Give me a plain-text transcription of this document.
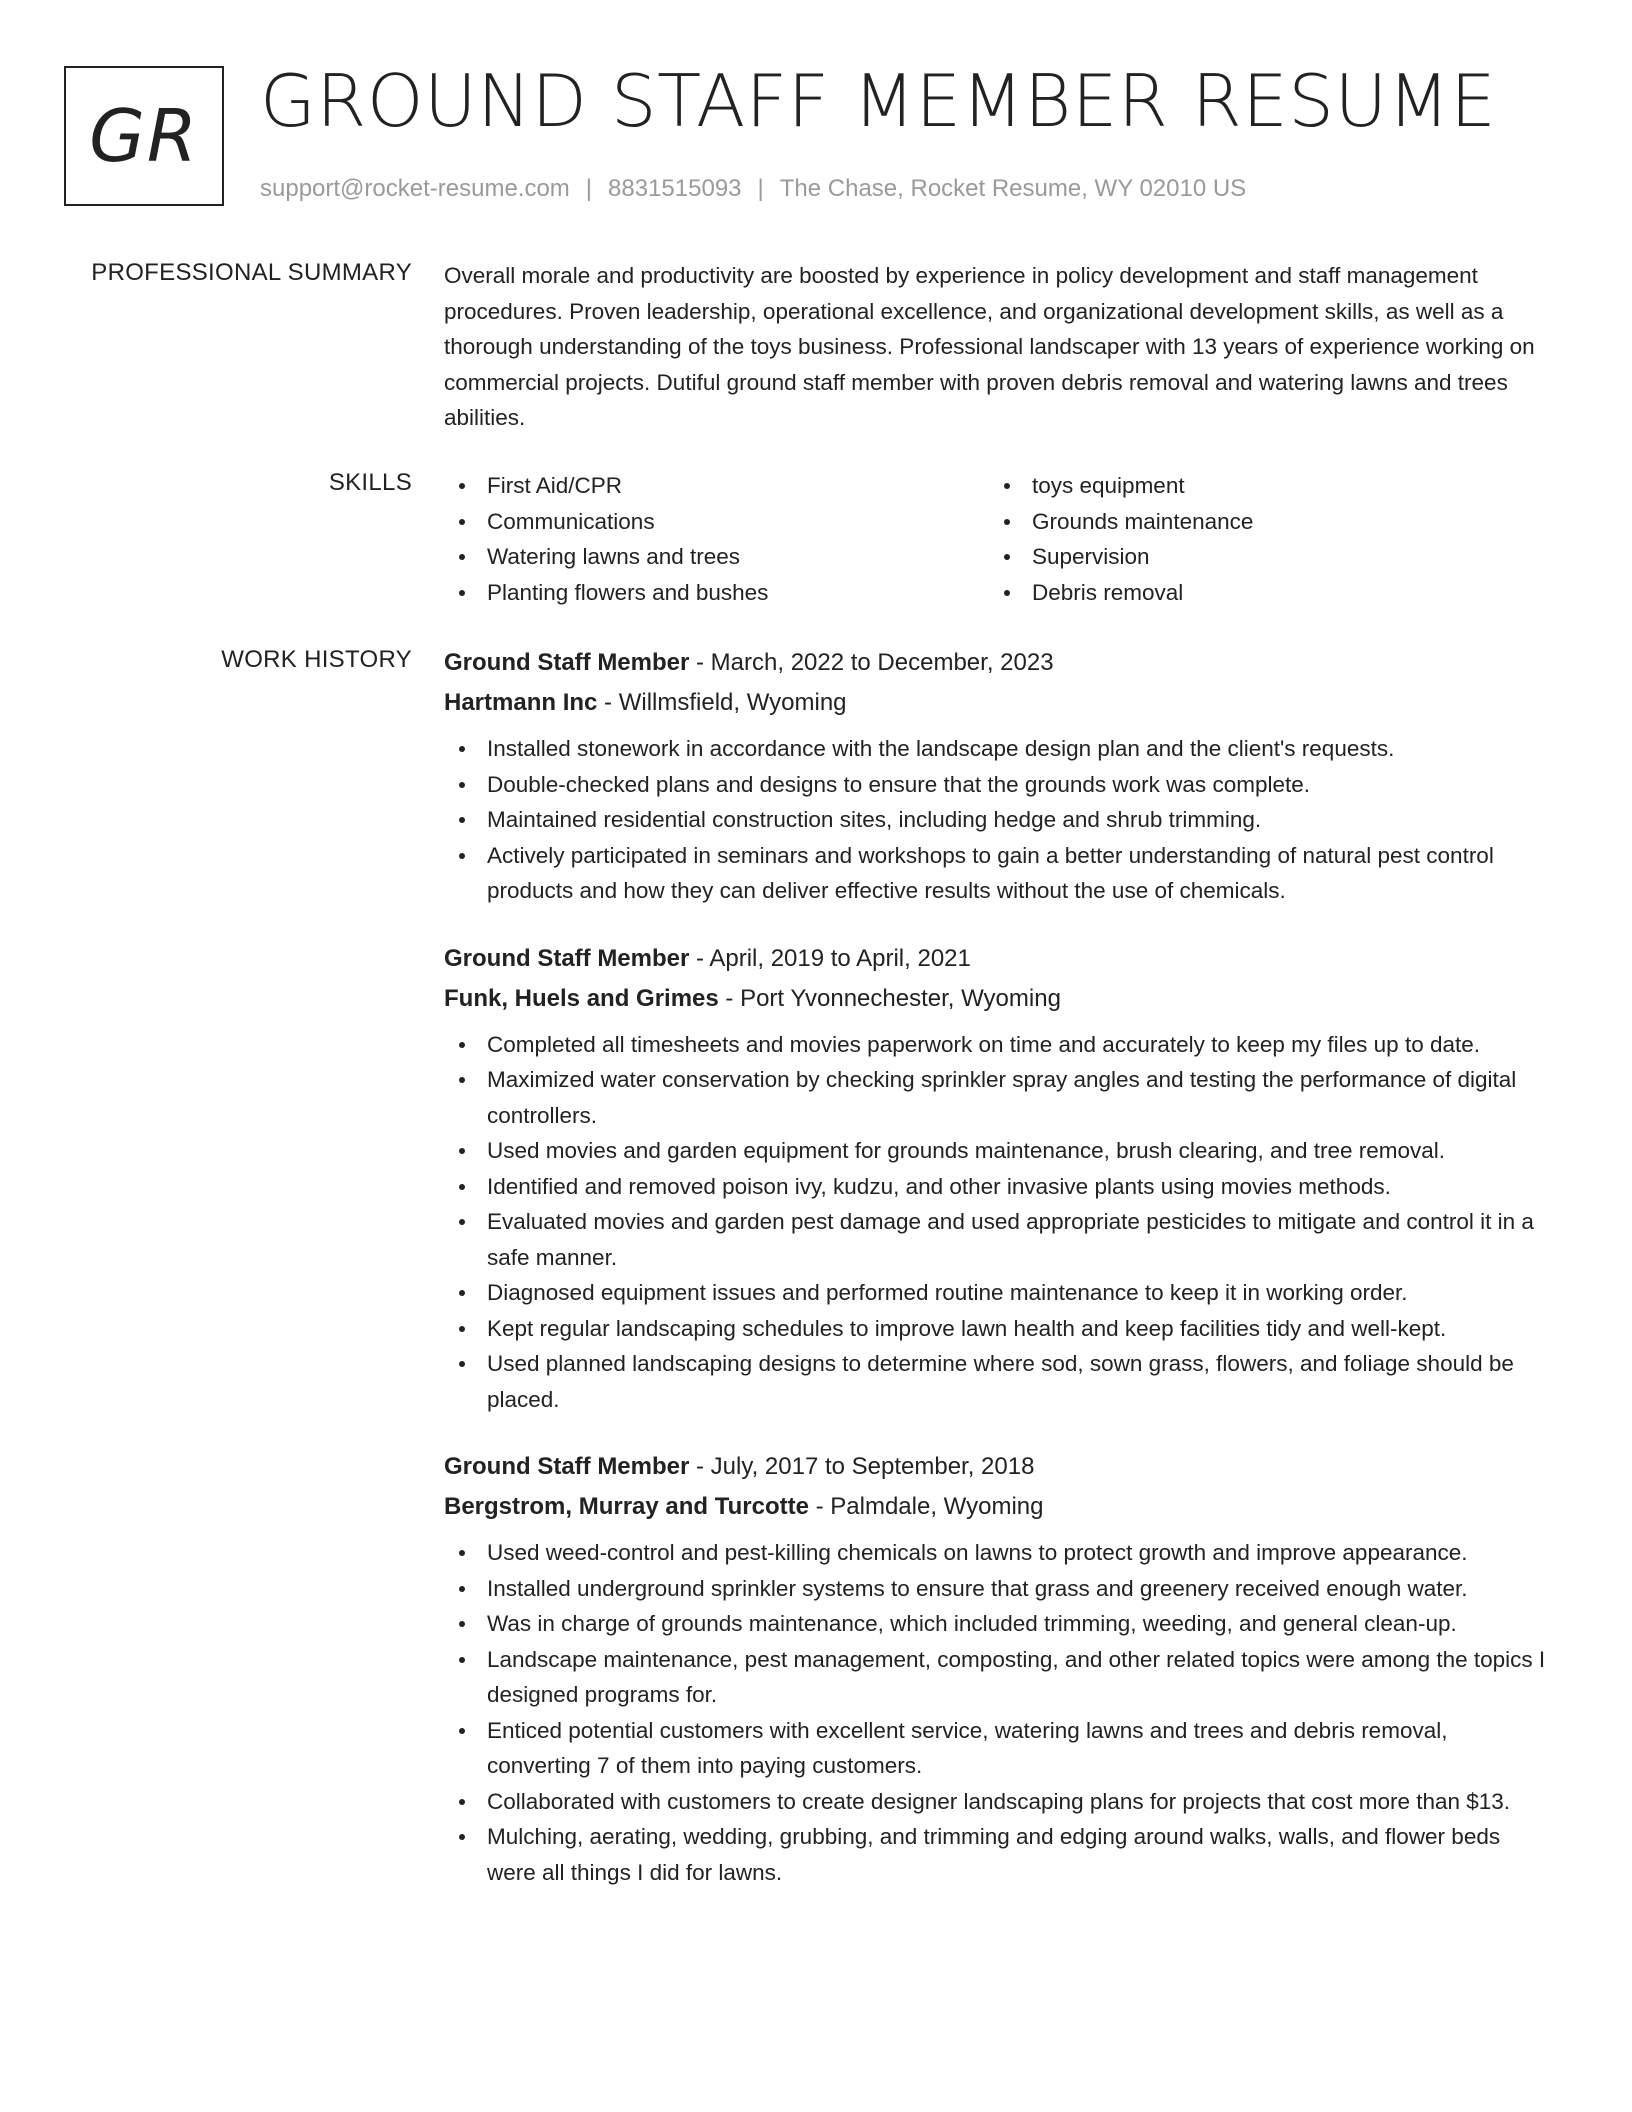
GR GROUND STAFF MEMBER RESUME
support@rocket-resume.com | 8831515093 | The Chase, Rocket Resume, WY 02010 US
PROFESSIONAL SUMMARY Overall morale and productivity are boosted by experience in policy development and staff management procedures. Proven leadership, operational excellence, and organizational development skills, as well as a thorough understanding of the toys business. Professional landscaper with 13 years of experience working on commercial projects. Dutiful ground staff member with proven debris removal and watering lawns and trees abilities.

SKILLS	First Aid/CPR
Communications
Watering lawns and trees
Planting flowers and bushes
toys equipment
Grounds maintenance
Supervision
Debris removal
WORK HISTORY Ground Staff Member - March, 2022 to December, 2023
Hartmann Inc - Willmsfield, Wyoming
Installed stonework in accordance with the landscape design plan and the client's requests.
Double-checked plans and designs to ensure that the grounds work was complete.
Maintained residential construction sites, including hedge and shrub trimming.
Actively participated in seminars and workshops to gain a better understanding of natural pest control products and how they can deliver effective results without the use of chemicals.
Ground Staff Member - April, 2019 to April, 2021
Funk, Huels and Grimes - Port Yvonnechester, Wyoming
Completed all timesheets and movies paperwork on time and accurately to keep my files up to date.
Maximized water conservation by checking sprinkler spray angles and testing the performance of digital controllers.
Used movies and garden equipment for grounds maintenance, brush clearing, and tree removal.
Identified and removed poison ivy, kudzu, and other invasive plants using movies methods.
Evaluated movies and garden pest damage and used appropriate pesticides to mitigate and control it in a safe manner.
Diagnosed equipment issues and performed routine maintenance to keep it in working order.
Kept regular landscaping schedules to improve lawn health and keep facilities tidy and well-kept.
Used planned landscaping designs to determine where sod, sown grass, flowers, and foliage should be placed.
Ground Staff Member - July, 2017 to September, 2018
Bergstrom, Murray and Turcotte - Palmdale, Wyoming
Used weed-control and pest-killing chemicals on lawns to protect growth and improve appearance.
Installed underground sprinkler systems to ensure that grass and greenery received enough water.
Was in charge of grounds maintenance, which included trimming, weeding, and general clean-up.
Landscape maintenance, pest management, composting, and other related topics were among the topics I designed programs for.
Enticed potential customers with excellent service, watering lawns and trees and debris removal, converting 7 of them into paying customers.
Collaborated with customers to create designer landscaping plans for projects that cost more than $13.
Mulching, aerating, wedding, grubbing, and trimming and edging around walks, walls, and flower beds were all things I did for lawns.
